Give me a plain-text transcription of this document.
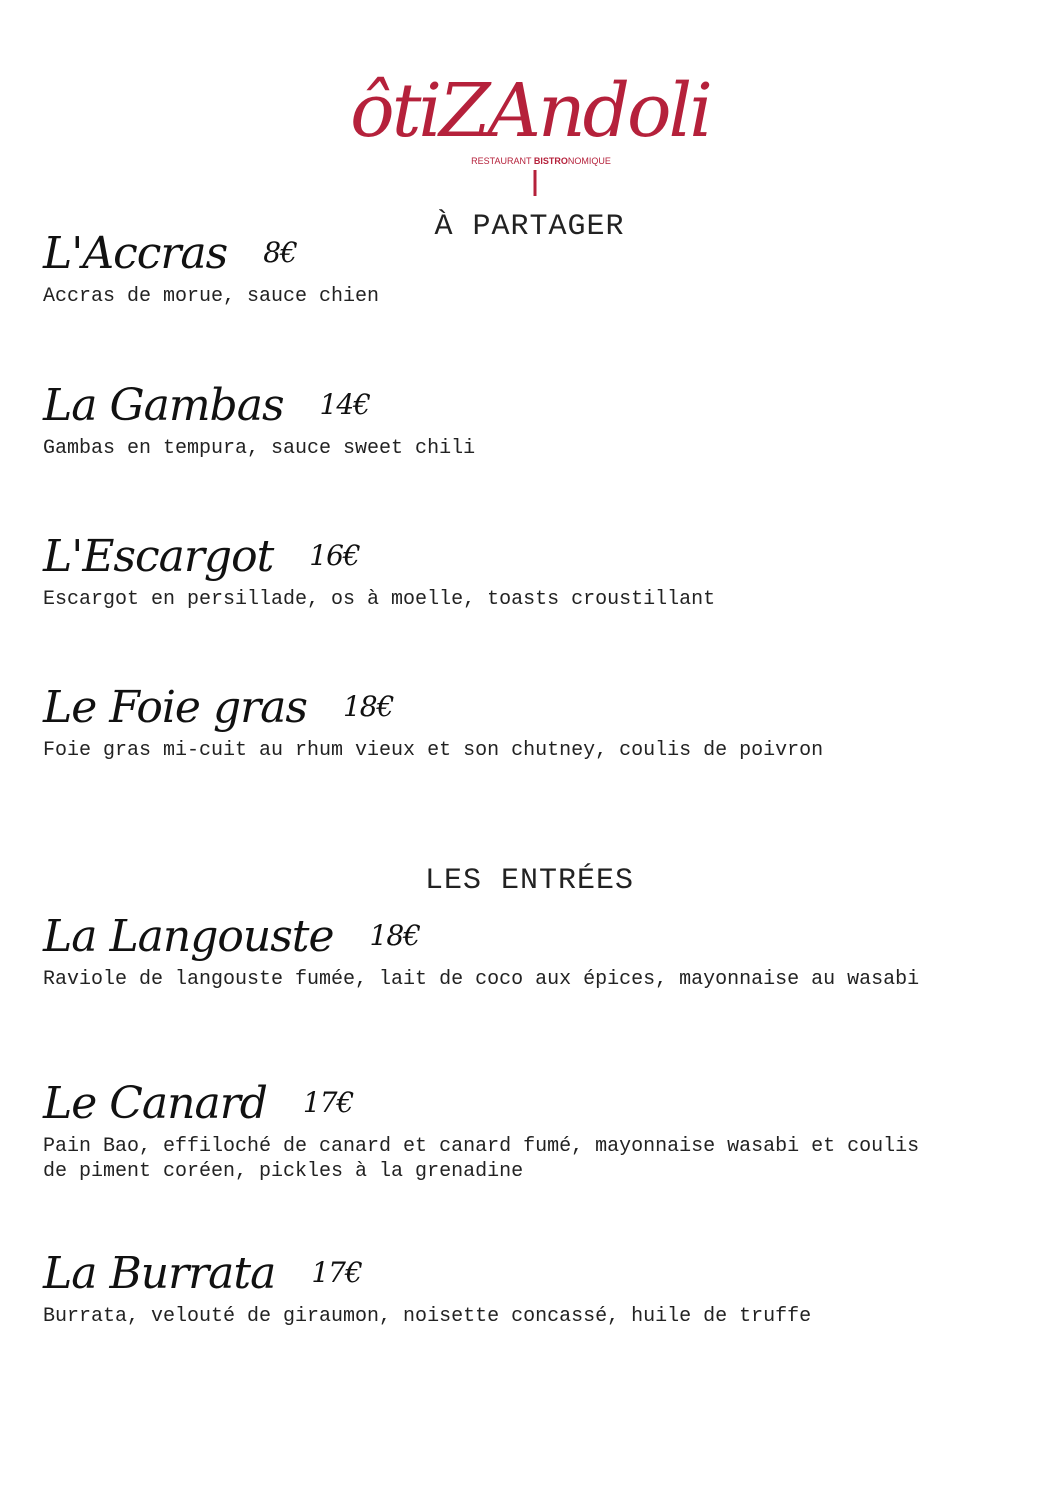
ôtiZAndoli
RESTAURANT BISTRONOMIQUE
À PARTAGER
L'Accras 8€
Accras de morue, sauce chien
La Gambas 14€
Gambas en tempura, sauce sweet chili
L'Escargot 16€
Escargot en persillade, os à moelle, toasts croustillant
Le Foie gras 18€
Foie gras mi-cuit au rhum vieux et son chutney, coulis de poivron
LES ENTRÉES
La Langouste 18€
Raviole de langouste fumée, lait de coco aux épices, mayonnaise au wasabi
Le Canard 17€
Pain Bao, effiloché de canard et canard fumé, mayonnaise wasabi et coulis
de piment coréen, pickles à la grenadine
La Burrata 17€
Burrata, velouté de giraumon, noisette concassé, huile de truffe
